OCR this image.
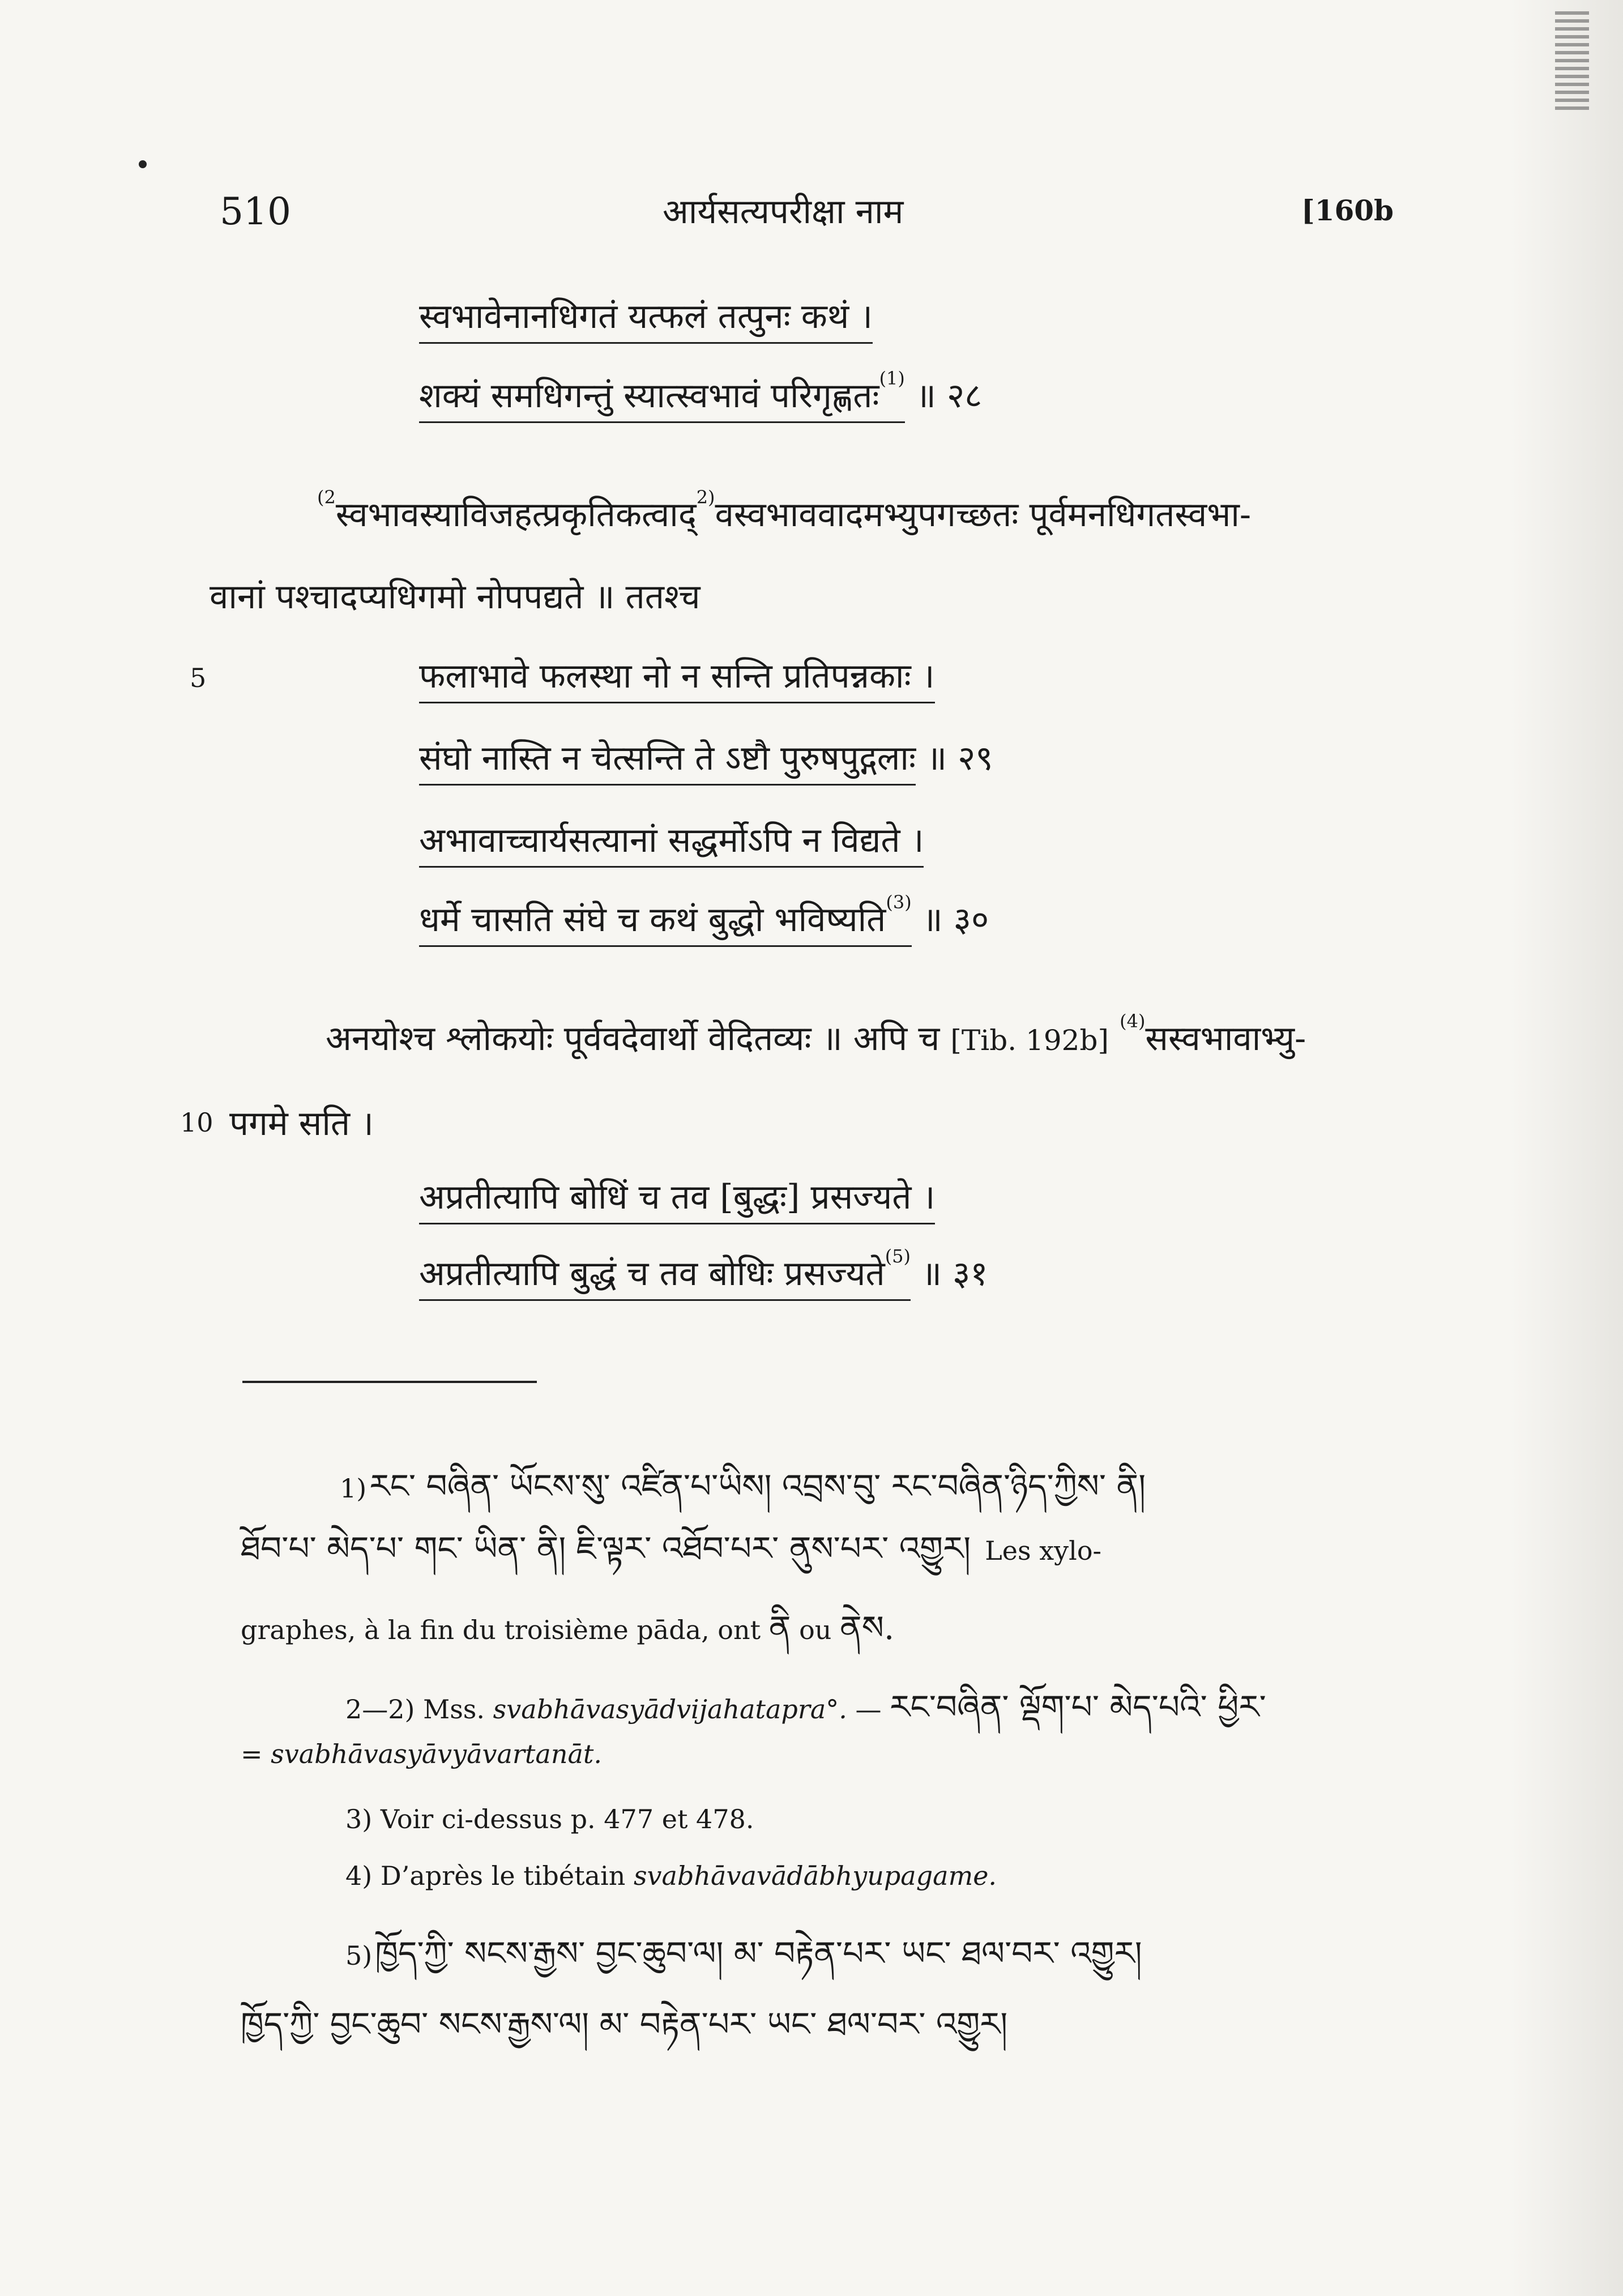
510	आर्यसत्यपरीक्षा नाम	[160b
स्वभावेनानधिगतं यत्फलं तत्पुनः कथं ।
शक्यं समधिगन्तुं स्यात्स्वभावं परिगृह्णतः$^{(1)}$ ॥ २८
$^{(2}$स्वभावस्याविजहत्प्रकृतिकत्वाद्$^{2)}$वस्वभाववादमभ्युपगच्छतः पूर्वमनधिगतस्वभा-
वानां पश्चादप्यधिगमो नोपपद्यते ॥ ततश्च
5	फलाभावे फलस्था नो न सन्ति प्रतिपन्नकाः ।
संघो नास्ति न चेत्सन्ति ते ऽष्टौ पुरुषपुद्गलाः ॥ २९
अभावाच्चार्यसत्यानां सद्धर्मोऽपि न विद्यते ।
धर्मे चासति संघे च कथं बुद्धो भविष्यति$^{(3)}$ ॥ ३०
अनयोश्च श्लोकयोः पूर्ववदेवार्थो वेदितव्यः ॥ अपि च [Tib. 192b] $^{(4)}$सस्वभावाभ्यु-
10 पगमे सति ।
अप्रतीत्यापि बोधिं च तव [बुद्धः] प्रसज्यते ।
अप्रतीत्यापि बुद्धं च तव बोधिः प्रसज्यते$^{(5)}$ ॥ ३१
1) རང་ བཞིན་ ཡོངས་སུ་ འཛིན་པ་ཡིས། འབྲས་བུ་ རང་བཞིན་ཉིད་ཀྱིས་ ནི།
ཐོབ་པ་ མེད་པ་ གང་ ཡིན་ ནི། ཇི་ལྟར་ འཐོབ་པར་ ནུས་པར་ འགྱུར། Les xylo-
graphes, à la fin du troisième pāda, ont ནི ou ནེས.
2—2) Mss. svabhāvasyādvijahatapra°. — རང་བཞིན་ ལྡོག་པ་ མེད་པའི་ ཕྱིར་
= svabhāvasyāvyāvartanāt.
3) Voir ci-dessus p. 477 et 478.
4) D’après le tibétain svabhāvavādābhyupagame.
5) ཁྱོད་ཀྱི་ སངས་རྒྱས་ བྱང་ཆུབ་ལ། མ་ བརྟེན་པར་ ཡང་ ཐལ་བར་ འགྱུར།
ཁྱོད་ཀྱི་ བྱང་ཆུབ་ སངས་རྒྱས་ལ། མ་ བརྟེན་པར་ ཡང་ ཐལ་བར་ འགྱུར།
